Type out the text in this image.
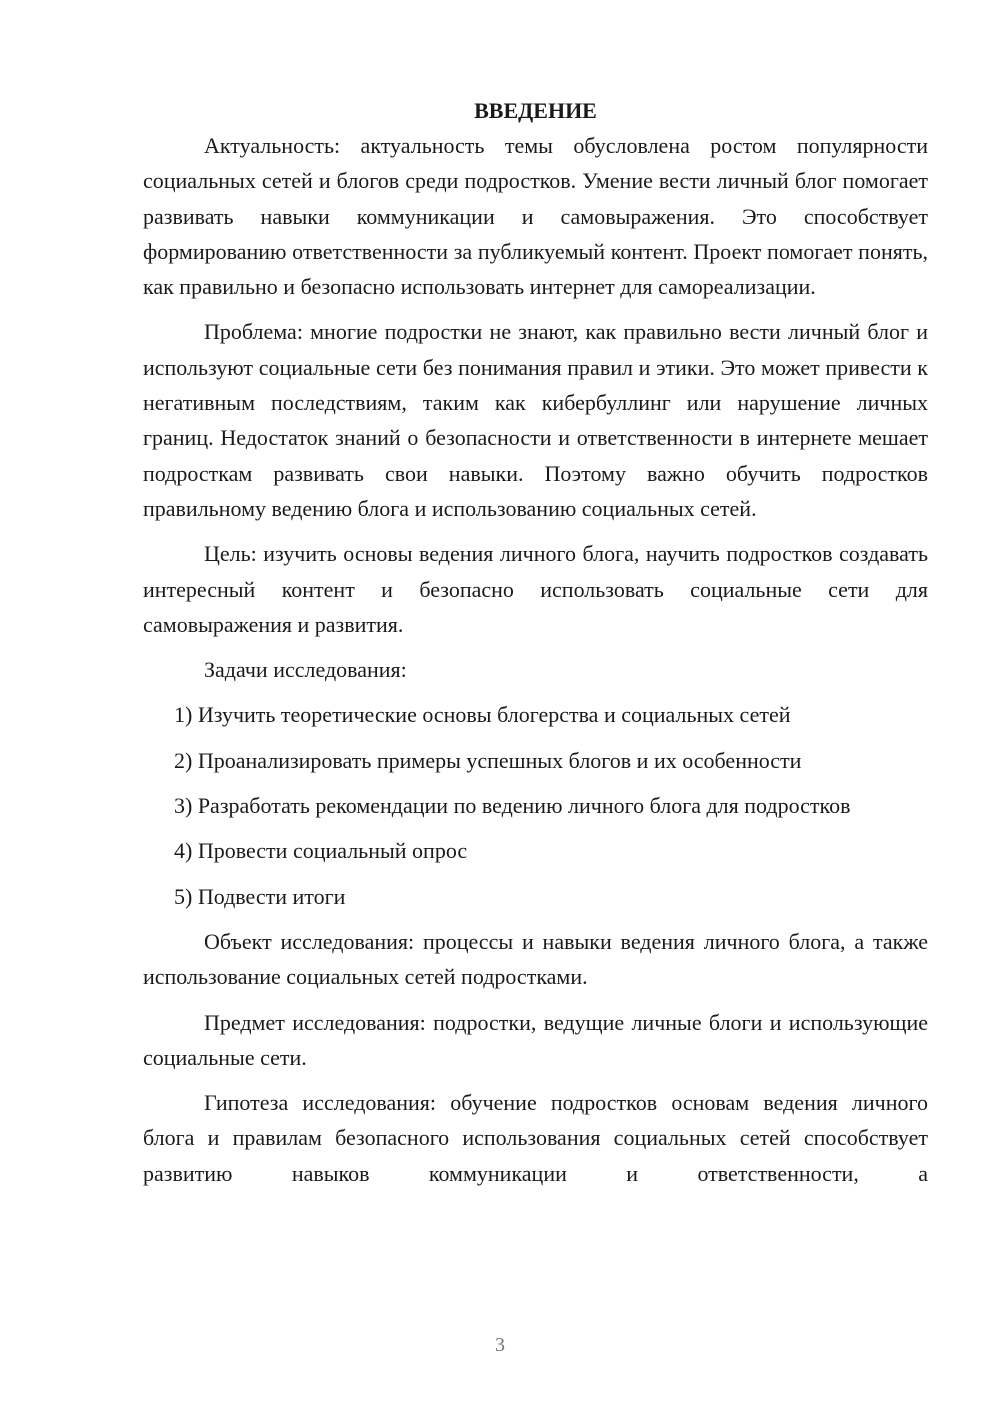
ВВЕДЕНИЕ

Актуальность: актуальность темы обусловлена ростом популярности социальных сетей и блогов среди подростков. Умение вести личный блог помогает развивать навыки коммуникации и самовыражения. Это способствует формированию ответственности за публикуемый контент. Проект помогает понять, как правильно и безопасно использовать интернет для самореализации.

Проблема: многие подростки не знают, как правильно вести личный блог и используют социальные сети без понимания правил и этики. Это может привести к негативным последствиям, таким как кибербуллинг или нарушение личных границ. Недостаток знаний о безопасности и ответственности в интернете мешает подросткам развивать свои навыки. Поэтому важно обучить подростков правильному ведению блога и использованию социальных сетей.

Цель: изучить основы ведения личного блога, научить подростков создавать интересный контент и безопасно использовать социальные сети для самовыражения и развития.

Задачи исследования:

1) Изучить теоретические основы блогерства и социальных сетей

2) Проанализировать примеры успешных блогов и их особенности

3) Разработать рекомендации по ведению личного блога для подростков

4) Провести социальный опрос

5) Подвести итоги

Объект исследования: процессы и навыки ведения личного блога, а также использование социальных сетей подростками.

Предмет исследования: подростки, ведущие личные блоги и использующие социальные сети.

Гипотеза исследования: обучение подростков основам ведения личного блога и правилам безопасного использования социальных сетей способствует развитию навыков коммуникации и ответственности, а

3
